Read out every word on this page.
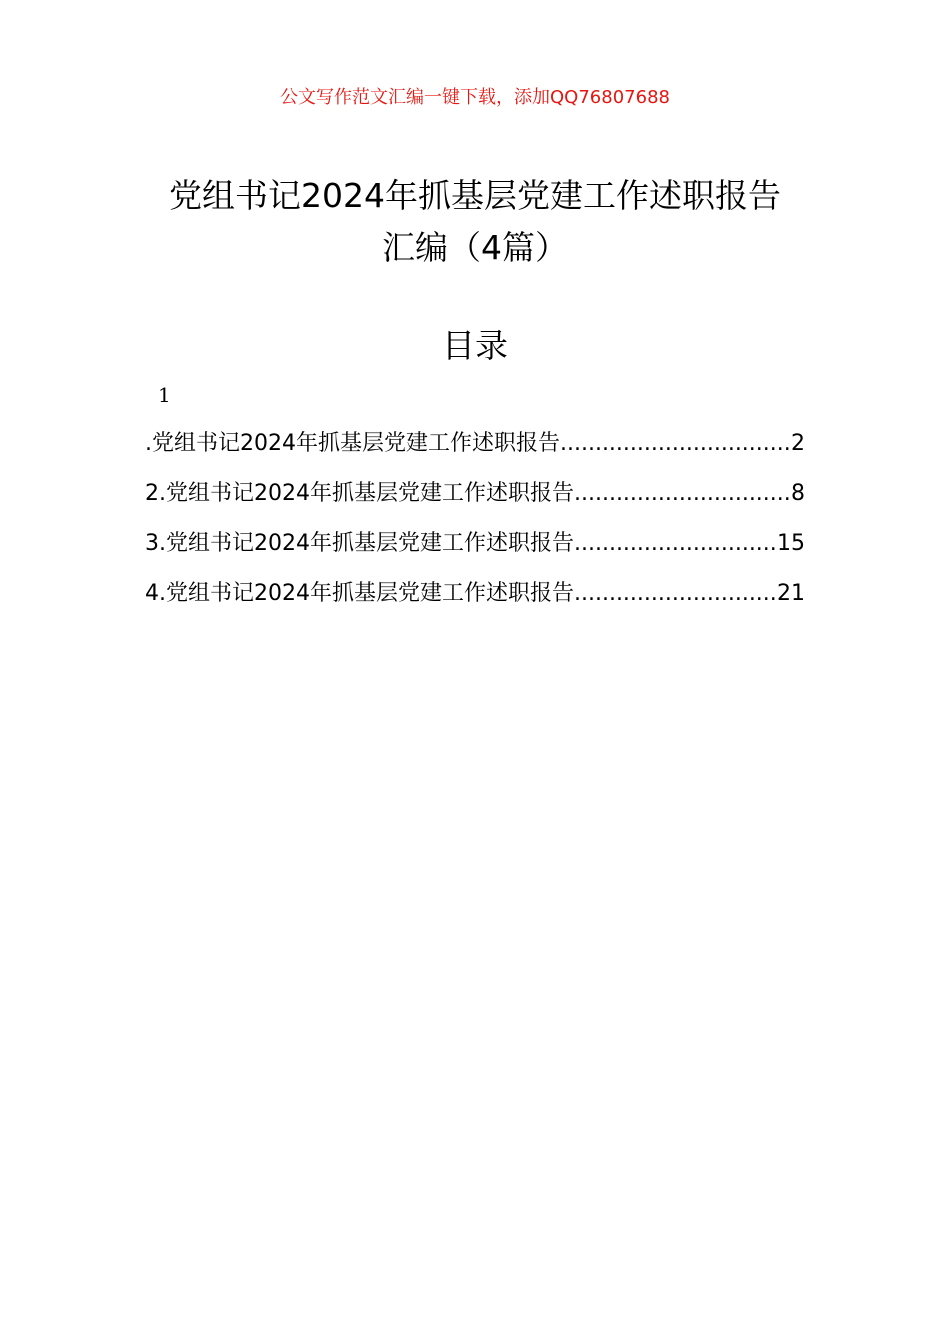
公文写作范文汇编一键下载，添加QQ76807688
党组书记2024年抓基层党建工作述职报告
汇编（4篇）
目录
1
.党组书记2024年抓基层党建工作述职报告 .....	2
2.党组书记2024年抓基层党建工作述职报告 .....	8
3.党组书记2024年抓基层党建工作述职报告 .....	15
4.党组书记2024年抓基层党建工作述职报告 .....	21
